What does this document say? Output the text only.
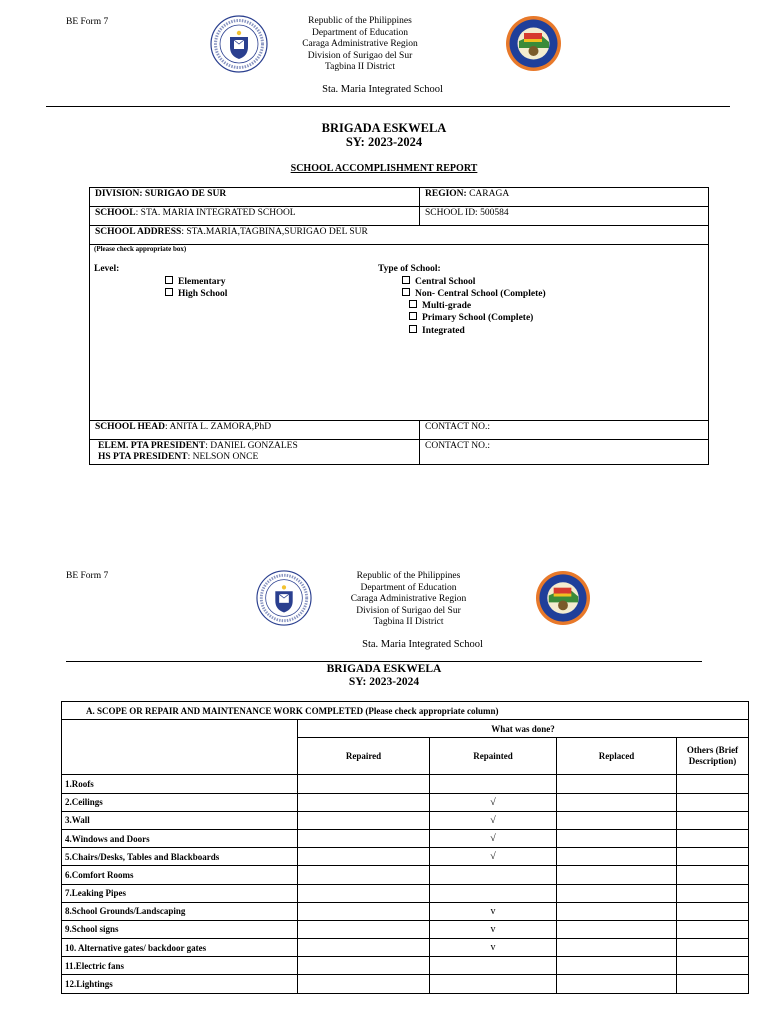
BE Form 7	Republic of the Philippines
Department of Education
Caraga Administrative Region
Division of Surigao del Sur
Tagbina II District
Sta. Maria Integrated School
BRIGADA ESKWELA
SY: 2023-2024
SCHOOL ACCOMPLISHMENT REPORT
DIVISION: SURIGAO DE SUR	REGION: CARAGA
SCHOOL: STA. MARIA INTEGRATED SCHOOL	SCHOOL ID: 500584
SCHOOL ADDRESS: STA.MARIA,TAGBINA,SURIGAO DEL SUR
(Please check appropriate box)
Level:
Elementary
High School
Type of School:
Central School
Non- Central School (Complete)
Multi-grade
Primary School (Complete)
Integrated
SCHOOL HEAD: ANITA L. ZAMORA,PhD	CONTACT NO.:
ELEM. PTA PRESIDENT: DANIEL GONZALES
HS PTA PRESIDENT: NELSON ONCE
CONTACT NO.:
BE Form 7	Republic of the Philippines
Department of Education
Caraga Administrative Region
Division of Surigao del Sur
Tagbina II District
Sta. Maria Integrated School
BRIGADA ESKWELA
SY: 2023-2024
A. SCOPE OR REPAIR AND MAINTENANCE WORK COMPLETED (Please check appropriate column)				
	What was done?			
	Repaired	Repainted	Replaced	Others (Brief Description)
1.Roofs				
2.Ceilings		√		
3.Wall		√		
4.Windows and Doors		√		
5.Chairs/Desks, Tables and Blackboards		√		
6.Comfort Rooms				
7.Leaking Pipes				
8.School Grounds/Landscaping		v		
9.School signs		v		
10. Alternative gates/ backdoor gates		v		
11.Electric fans				
12.Lightings				
